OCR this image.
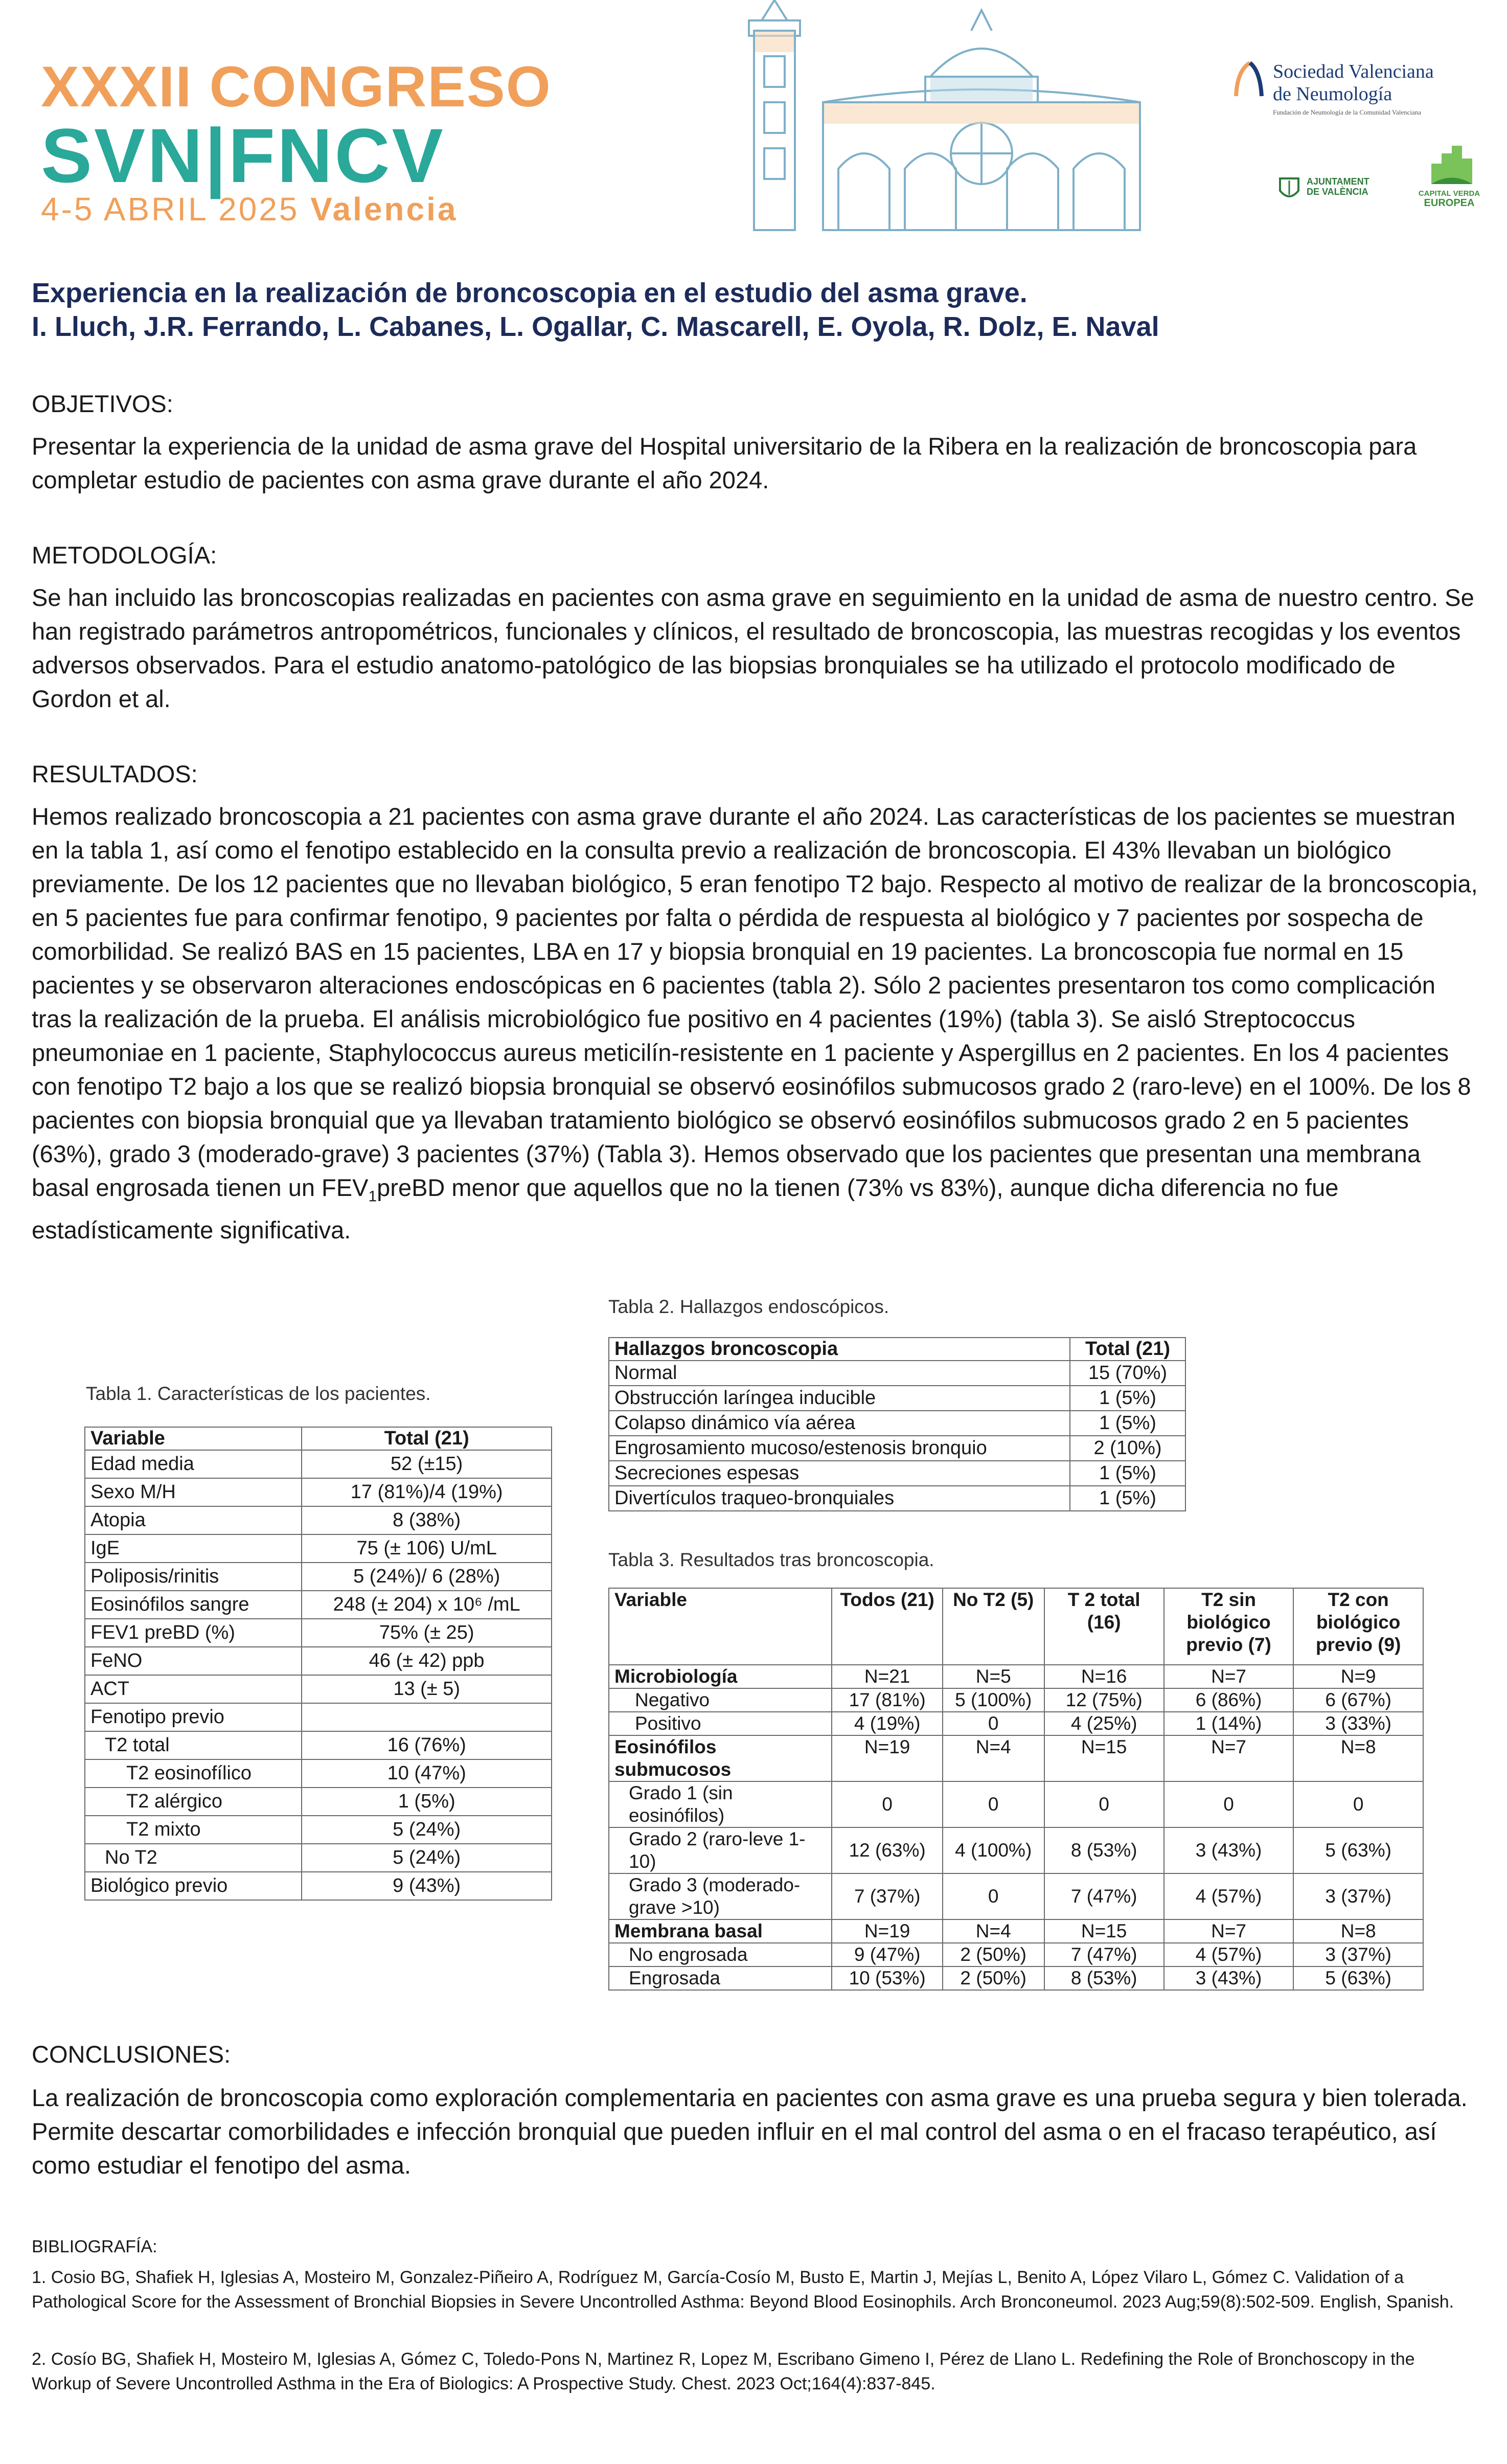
XXXII CONGRESO
SVN|FNCV
4-5 ABRIL 2025 Valencia
Sociedad Valenciana
de Neumología
Fundación de Neumología de la Comunidad Valenciana
AJUNTAMENT
DE VALÈNCIA	CAPITAL VERDA
EUROPEA
Experiencia en la realización de broncoscopia en el estudio del asma grave.
I. Lluch, J.R. Ferrando, L. Cabanes, L. Ogallar, C. Mascarell, E. Oyola, R. Dolz, E. Naval
OBJETIVOS:
Presentar la experiencia de la unidad de asma grave del Hospital universitario de la Ribera en la realización de broncoscopia para completar estudio de pacientes con asma grave durante el año 2024.
METODOLOGÍA:
Se han incluido las broncoscopias realizadas en pacientes con asma grave en seguimiento en la unidad de asma de nuestro centro. Se han registrado parámetros antropométricos, funcionales y clínicos, el resultado de broncoscopia, las muestras recogidas y los eventos adversos observados. Para el estudio anatomo-patológico de las biopsias bronquiales se ha utilizado el protocolo modificado de Gordon et al.
RESULTADOS:
Hemos realizado broncoscopia a 21 pacientes con asma grave durante el año 2024. Las características de los pacientes se muestran en la tabla 1, así como el fenotipo establecido en la consulta previo a realización de broncoscopia. El 43% llevaban un biológico previamente. De los 12 pacientes que no llevaban biológico, 5 eran fenotipo T2 bajo. Respecto al motivo de realizar de la broncoscopia, en 5 pacientes fue para confirmar fenotipo, 9 pacientes por falta o pérdida de respuesta al biológico y 7 pacientes por sospecha de comorbilidad. Se realizó BAS en 15 pacientes, LBA en 17 y biopsia bronquial en 19 pacientes. La broncoscopia fue normal en 15 pacientes y se observaron alteraciones endoscópicas en 6 pacientes (tabla 2). Sólo 2 pacientes presentaron tos como complicación tras la realización de la prueba. El análisis microbiológico fue positivo en 4 pacientes (19%) (tabla 3). Se aisló Streptococcus pneumoniae en 1 paciente, Staphylococcus aureus meticilín-resistente en 1 paciente y Aspergillus en 2 pacientes. En los 4 pacientes con fenotipo T2 bajo a los que se realizó biopsia bronquial se observó eosinófilos submucosos grado 2 (raro-leve) en el 100%. De los 8 pacientes con biopsia bronquial que ya llevaban tratamiento biológico se observó eosinófilos submucosos grado 2 en 5 pacientes (63%), grado 3 (moderado-grave) 3 pacientes (37%) (Tabla 3). Hemos observado que los pacientes que presentan una membrana basal engrosada tienen un $FEV_1preBD$ menor que aquellos que no la tienen (73% vs 83%), aunque dicha diferencia no fue estadísticamente significativa.
Tabla 1. Características de los pacientes.
Variable	Total (21)
Edad media	52 (±15)
Sexo M/H	17 (81%)/4 (19%)
Atopia	8 (38%)
IgE	75 (± 106) U/mL
Poliposis/rinitis	5 (24%)/ 6 (28%)
Eosinófilos sangre	248 (± 204) x 10⁶ /mL
FEV1 preBD (%)	75% (± 25)
FeNO	46 (± 42) ppb
ACT	13 (± 5)
Fenotipo previo	
T2 total	16 (76%)
T2 eosinofílico	10 (47%)
T2 alérgico	1 (5%)
T2 mixto	5 (24%)
No T2	5 (24%)
Biológico previo	9 (43%)
Tabla 2. Hallazgos endoscópicos.
Hallazgos broncoscopia	Total (21)
Normal	15 (70%)
Obstrucción laríngea inducible	1 (5%)
Colapso dinámico vía aérea	1 (5%)
Engrosamiento mucoso/estenosis bronquio	2 (10%)
Secreciones espesas	1 (5%)
Divertículos traqueo-bronquiales	1 (5%)
Tabla 3. Resultados tras broncoscopia.
Variable	Todos (21)	No T2 (5)	T 2 total (16)	T2 sin biológico previo (7)	T2 con biológico previo (9)
Microbiología	N=21	N=5	N=16	N=7	N=9
Negativo	17 (81%)	5 (100%)	12 (75%)	6 (86%)	6 (67%)
Positivo	4 (19%)	0	4 (25%)	1 (14%)	3 (33%)
Eosinófilos submucosos	N=19	N=4	N=15	N=7	N=8
Grado 1 (sin eosinófilos)	0	0	0	0	0
Grado 2 (raro-leve 1-10)	12 (63%)	4 (100%)	8 (53%)	3 (43%)	5 (63%)
Grado 3 (moderado-grave >10)	7 (37%)	0	7 (47%)	4 (57%)	3 (37%)
Membrana basal	N=19	N=4	N=15	N=7	N=8
No engrosada	9 (47%)	2 (50%)	7 (47%)	4 (57%)	3 (37%)
Engrosada	10 (53%)	2 (50%)	8 (53%)	3 (43%)	5 (63%)
CONCLUSIONES:
La realización de broncoscopia como exploración complementaria en pacientes con asma grave es una prueba segura y bien tolerada. Permite descartar comorbilidades e infección bronquial que pueden influir en el mal control del asma o en el fracaso terapéutico, así como estudiar el fenotipo del asma.
BIBLIOGRAFÍA:
1. Cosio BG, Shafiek H, Iglesias A, Mosteiro M, Gonzalez-Piñeiro A, Rodríguez M, García-Cosío M, Busto E, Martin J, Mejías L, Benito A, López Vilaro L, Gómez C. Validation of a Pathological Score for the Assessment of Bronchial Biopsies in Severe Uncontrolled Asthma: Beyond Blood Eosinophils. Arch Bronconeumol. 2023 Aug;59(8):502-509. English, Spanish.
2. Cosío BG, Shafiek H, Mosteiro M, Iglesias A, Gómez C, Toledo-Pons N, Martinez R, Lopez M, Escribano Gimeno I, Pérez de Llano L. Redefining the Role of Bronchoscopy in the Workup of Severe Uncontrolled Asthma in the Era of Biologics: A Prospective Study. Chest. 2023 Oct;164(4):837-845.
